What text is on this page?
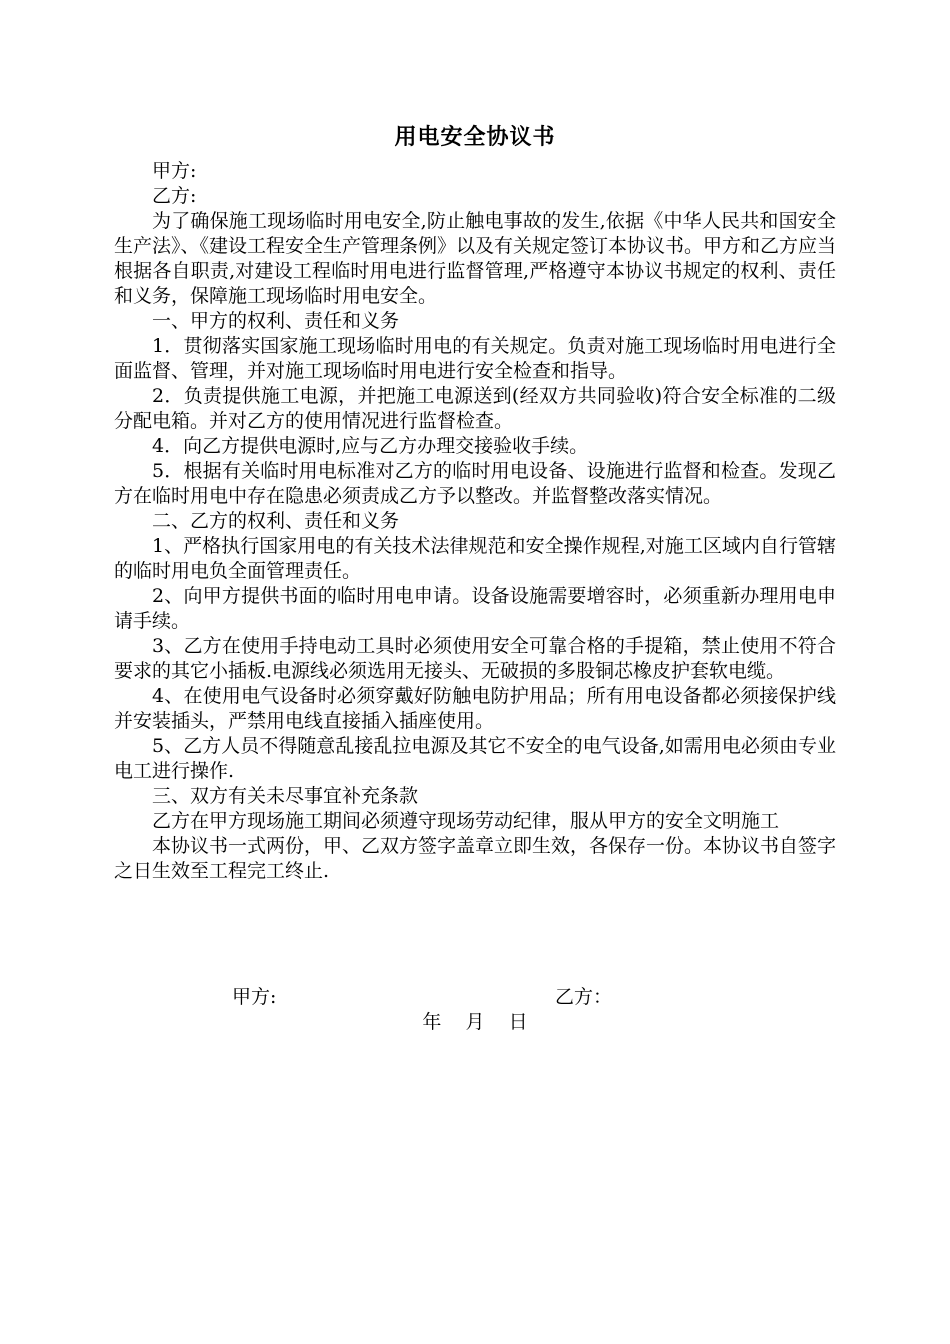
用电安全协议书

甲方:

乙方:

为了确保施工现场临时用电安全,防止触电事故的发生,依据《中华人民共和国安全生产法》、《建设工程安全生产管理条例》以及有关规定签订本协议书。甲方和乙方应当根据各自职责,对建设工程临时用电进行监督管理,严格遵守本协议书规定的权利、责任和义务，保障施工现场临时用电安全。

一、甲方的权利、责任和义务

1．贯彻落实国家施工现场临时用电的有关规定。负责对施工现场临时用电进行全面监督、管理，并对施工现场临时用电进行安全检查和指导。

2．负责提供施工电源，并把施工电源送到(经双方共同验收)符合安全标准的二级分配电箱。并对乙方的使用情况进行监督检查。

4．向乙方提供电源时,应与乙方办理交接验收手续。

5．根据有关临时用电标准对乙方的临时用电设备、设施进行监督和检查。发现乙方在临时用电中存在隐患必须责成乙方予以整改。并监督整改落实情况。

二、乙方的权利、责任和义务

1、严格执行国家用电的有关技术法律规范和安全操作规程,对施工区域内自行管辖的临时用电负全面管理责任。

2、向甲方提供书面的临时用电申请。设备设施需要增容时，必须重新办理用电申请手续。

3、乙方在使用手持电动工具时必须使用安全可靠合格的手提箱，禁止使用不符合要求的其它小插板.电源线必须选用无接头、无破损的多股铜芯橡皮护套软电缆。

4、在使用电气设备时必须穿戴好防触电防护用品；所有用电设备都必须接保护线并安装插头，严禁用电线直接插入插座使用。

5、乙方人员不得随意乱接乱拉电源及其它不安全的电气设备,如需用电必须由专业电工进行操作.

三、双方有关未尽事宜补充条款

乙方在甲方现场施工期间必须遵守现场劳动纪律，服从甲方的安全文明施工

本协议书一式两份，甲、乙双方签字盖章立即生效，各保存一份。本协议书自签字之日生效至工程完工终止.

甲方:	乙方：
年    月    日
